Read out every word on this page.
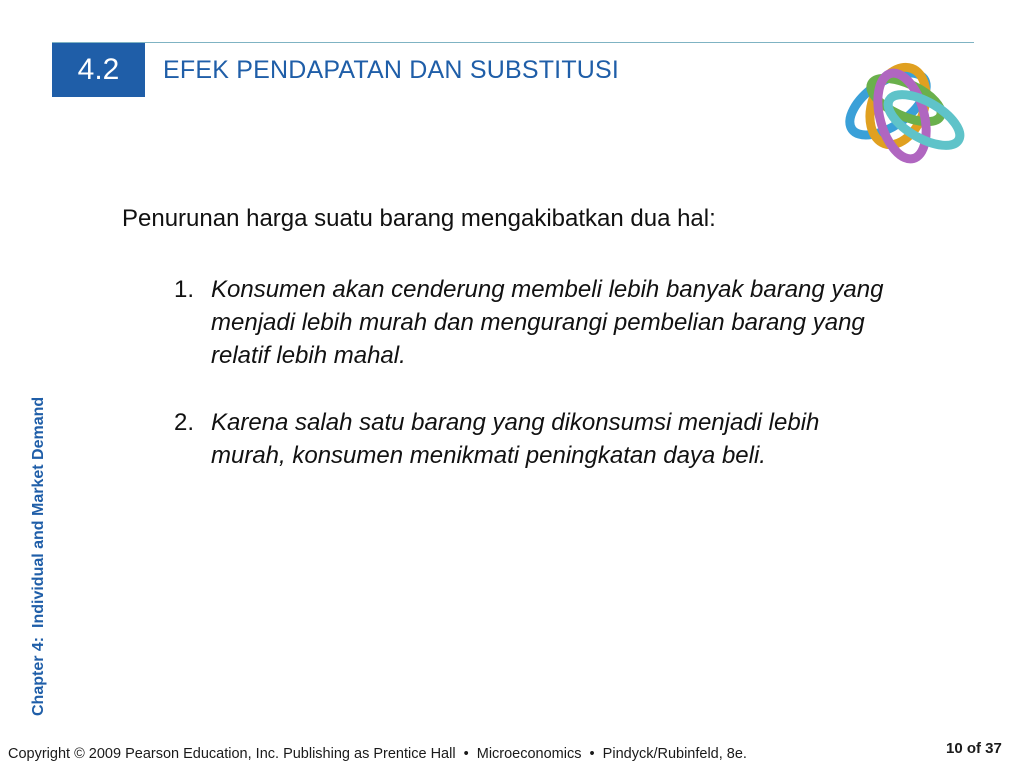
4.2	EFEK PENDAPATAN DAN SUBSTITUSI
Chapter 4:  Individual and Market Demand

Penurunan harga suatu barang mengakibatkan dua hal:

1. Konsumen akan cenderung membeli lebih banyak barang yang menjadi lebih murah dan mengurangi pembelian barang yang relatif lebih mahal.
2. Karena salah satu barang yang dikonsumsi menjadi lebih murah, konsumen menikmati peningkatan daya beli.
Copyright © 2009 Pearson Education, Inc. Publishing as Prentice Hall  •  Microeconomics  •  Pindyck/Rubinfeld, 8e.	10 of 37
